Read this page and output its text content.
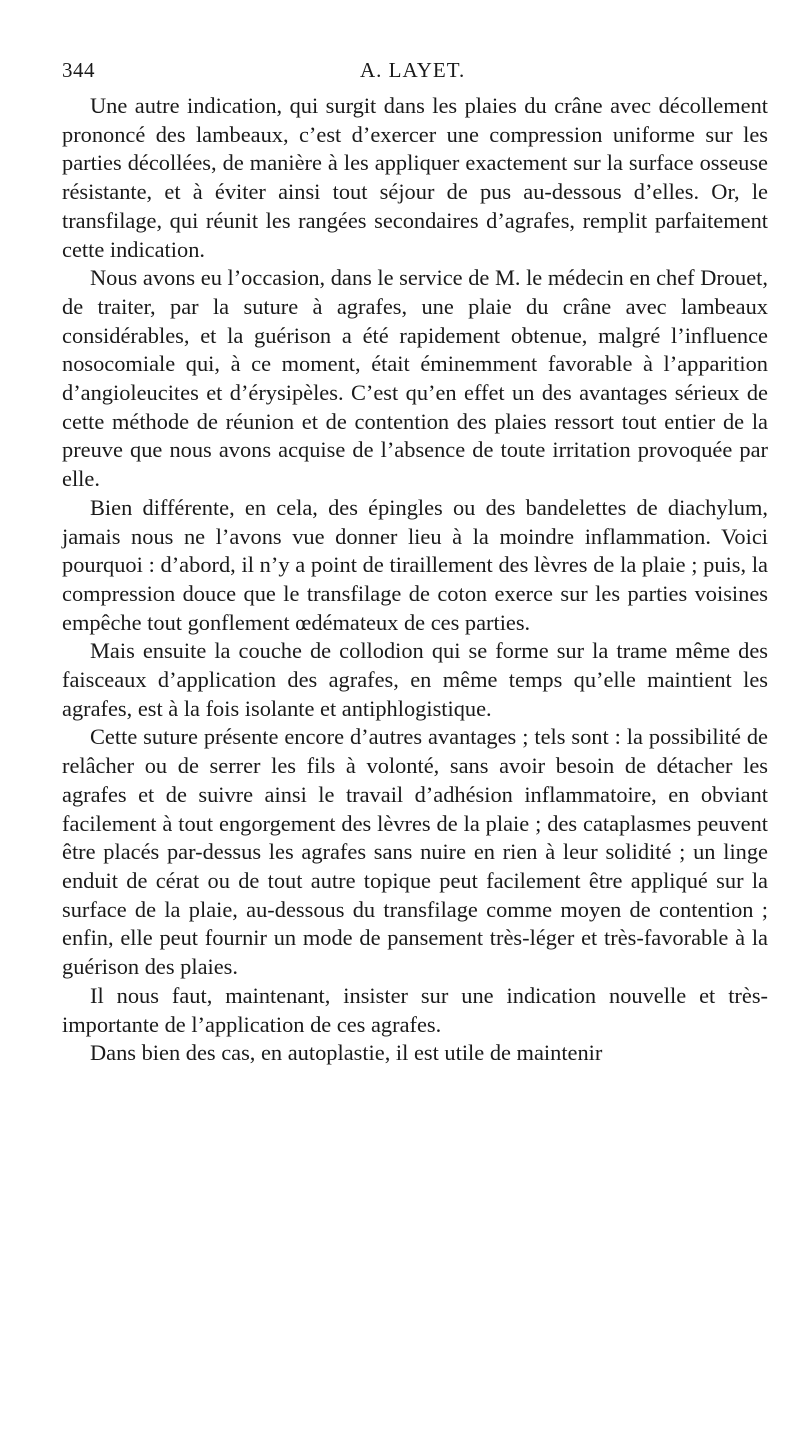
344	A. LAYET.

Une autre indication, qui surgit dans les plaies du crâne avec décollement prononcé des lambeaux, c’est d’exercer une compression uniforme sur les parties décollées, de manière à les appliquer exactement sur la surface osseuse résistante, et à éviter ainsi tout séjour de pus au-dessous d’elles. Or, le transfilage, qui réunit les rangées secondaires d’agrafes, remplit parfaitement cette indication.

Nous avons eu l’occasion, dans le service de M. le médecin en chef Drouet, de traiter, par la suture à agrafes, une plaie du crâne avec lambeaux considérables, et la guérison a été rapidement obtenue, malgré l’influence nosocomiale qui, à ce moment, était éminemment favorable à l’apparition d’angioleucites et d’érysipèles. C’est qu’en effet un des avantages sérieux de cette méthode de réunion et de contention des plaies ressort tout entier de la preuve que nous avons acquise de l’absence de toute irritation provoquée par elle.

Bien différente, en cela, des épingles ou des bandelettes de diachylum, jamais nous ne l’avons vue donner lieu à la moindre inflammation. Voici pourquoi : d’abord, il n’y a point de tiraillement des lèvres de la plaie ; puis, la compression douce que le transfilage de coton exerce sur les parties voisines empêche tout gonflement œdémateux de ces parties.

Mais ensuite la couche de collodion qui se forme sur la trame même des faisceaux d’application des agrafes, en même temps qu’elle maintient les agrafes, est à la fois isolante et antiphlogistique.

Cette suture présente encore d’autres avantages ; tels sont : la possibilité de relâcher ou de serrer les fils à volonté, sans avoir besoin de détacher les agrafes et de suivre ainsi le travail d’adhésion inflammatoire, en obviant facilement à tout engorgement des lèvres de la plaie ; des cataplasmes peuvent être placés par-dessus les agrafes sans nuire en rien à leur solidité ; un linge enduit de cérat ou de tout autre topique peut facilement être appliqué sur la surface de la plaie, au-dessous du transfilage comme moyen de contention ; enfin, elle peut fournir un mode de pansement très-léger et très-favorable à la guérison des plaies.

Il nous faut, maintenant, insister sur une indication nouvelle et très-importante de l’application de ces agrafes.

Dans bien des cas, en autoplastie, il est utile de maintenir
